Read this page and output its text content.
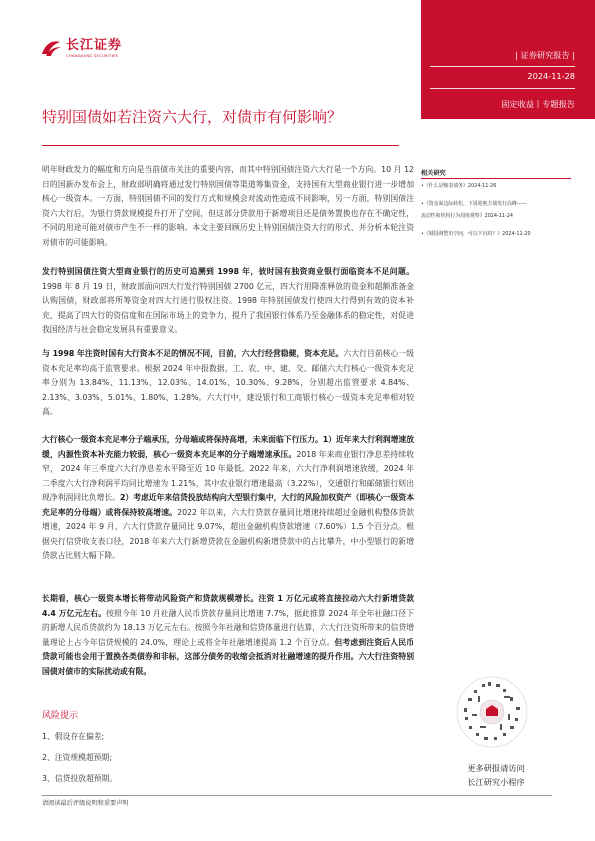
长江证券
CHANGJIANG SECURITIES	| 证券研究报告 |
2024-11-28
固定收益丨专题报告
特别国债如若注资六大行，对债市有何影响？
明年财政发力的幅度和方向是当前债市关注的重要内容，而其中特别国债注资六大行是一个方向。10 月 12 日的国新办发布会上，财政部明确将通过发行特别国债等渠道筹集资金，支持国有大型商业银行进一步增加核心一级资本。一方面，特别国债不同的发行方式和规模会对流动性造成不同影响，另一方面，特别国债注资六大行后，为银行贷款规模提升打开了空间，但这部分贷款用于新增项目还是债务置换也存在不确定性，不同的用途可能对债市产生不一样的影响。本文主要回顾历史上特别国债注资大行的形式、并分析本轮注资对债市的可能影响。
发行特别国债注资大型商业银行的历史可追溯到 1998 年，彼时国有独资商业银行面临资本不足问题。1998 年 8 月 19 日，财政部面向四大行发行特别国债 2700 亿元，四大行用降准释放的资金和超额准备金认购国债，财政部将所筹资金对四大行进行股权注资。1998 年特别国债发行使四大行得到有效的资本补充，提高了四大行的资信度和在国际市场上的竞争力，提升了我国银行体系乃至金融体系的稳定性，对促进我国经济与社会稳定发展具有重要意义。
与 1998 年注资时国有大行资本不足的情况不同，目前，六大行经营稳健，资本充足。六大行目前核心一级资本充足率均高于监管要求。根据 2024 年中报数据，工、农、中、建、交、邮储六大行核心一级资本充足率分别为 13.84%、11.13%、12.03%、14.01%、10.30%、9.28%，分别超出监管要求 4.84%、2.13%、3.03%、5.01%、1.80%、1.28%。六大行中，建设银行和工商银行核心一级资本充足率相对较高。
大行核心一级资本充足率分子端承压，分母端或将保持高增，未来面临下行压力。1）近年来大行利润增速放缓，内源性资本补充能力较弱，核心一级资本充足率的分子端增速承压。2018 年来商业银行净息差持续收窄， 2024 年三季度六大行净息差水平降至近 10 年最低。2022 年来，六大行净利润增速放缓，2024 年二季度六大行净利润平均同比增速为 1.21%，其中农业银行增速最高（3.22%），交通银行和邮储银行则出现净利润同比负增长。2）考虑近年来信贷投放结构向大型银行集中，大行的风险加权资产（即核心一级资本充足率的分母端）或将保持较高增速。2022 年以来，六大行贷款存量同比增速持续超过金融机构整体贷款增速，2024 年 9 月，六大行贷款存量同比 9.07%，超出金融机构贷款增速（7.60%）1.5 个百分点。根据央行信贷收支表口径，2018 年来六大行新增贷款在金融机构新增贷款中的占比攀升，中小型银行的新增贷款占比则大幅下降。
长期看，核心一级资本增长将带动风险资产和贷款规模增长。注资 1 万亿元或将直接拉动六大行新增贷款 4.4 万亿元左右。按照今年 10 月社融人民币贷款存量同比增速 7.7%，据此推算 2024 年全年社融口径下的新增人民币贷款约为 18.13 万亿元左右。按照今年社融和信贷体量进行估算，六大行注资所带来的信贷增量理论上占今年信贷规模的 24.0%，理论上或将全年社融增速提高 1.2 个百分点。但考虑到注资后人民币贷款可能也会用于置换各类债券和非标，这部分债务的收缩会抵消对社融增速的提升作用。六大行注资特别国债对债市的实际扰动或有限。
风险提示
1、假设存在偏差;
2、注资规模超预期;
3、信贷投放超预期。
请阅读最后评级说明和重要声明
相关研究
•《什么是缩表债务》2024-11-26
•《资金面边际转松，下周迎地方债发行高峰——
流动性和机构行为周度观察》2024-11-24
•《城投调整出空间，可以下沉吗？》2024-11-20
更多研报请访问
长江研究小程序
